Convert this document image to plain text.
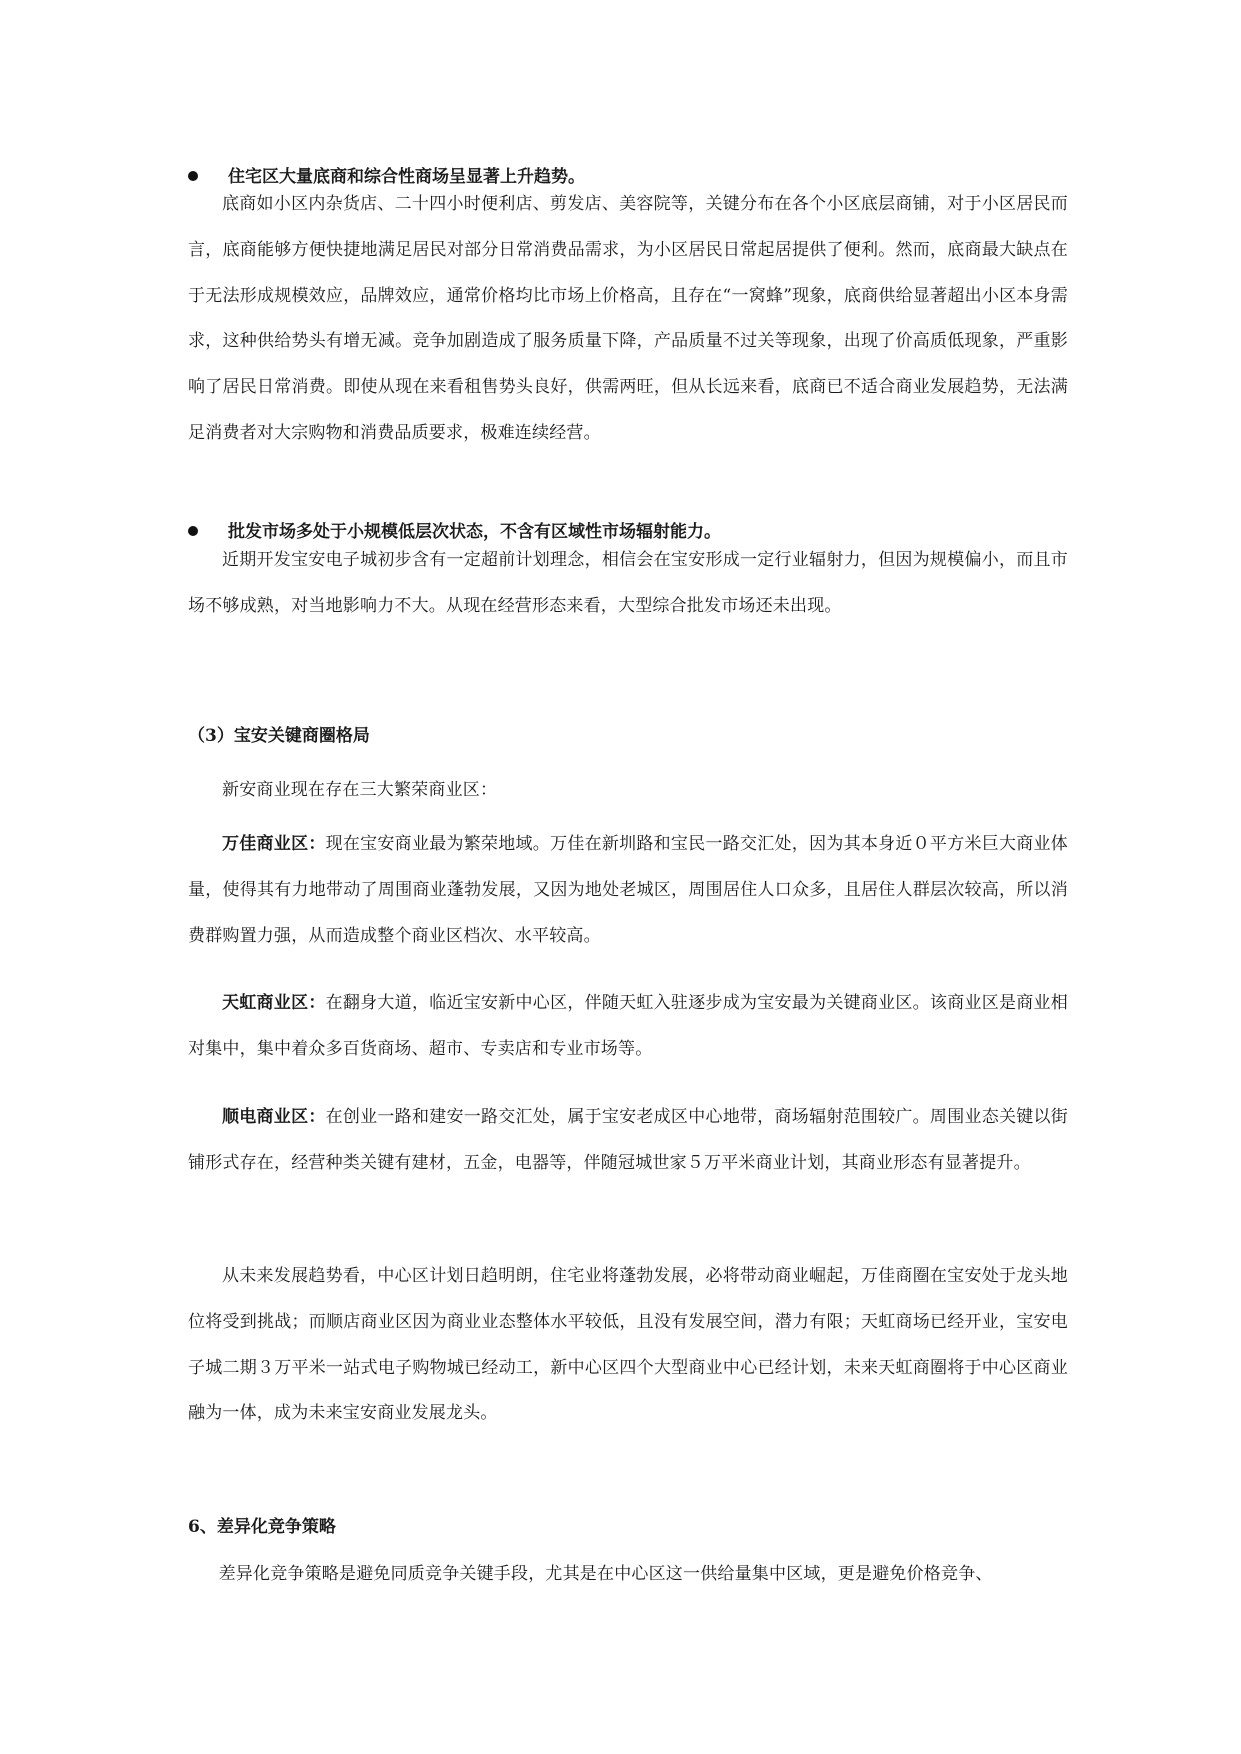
住宅区大量底商和综合性商场呈显著上升趋势。

底商如小区内杂货店、二十四小时便利店、剪发店、美容院等，关键分布在各个小区底层商铺，对于小区居民而言，底商能够方便快捷地满足居民对部分日常消费品需求，为小区居民日常起居提供了便利。然而，底商最大缺点在于无法形成规模效应，品牌效应，通常价格均比市场上价格高，且存在“一窝蜂”现象，底商供给显著超出小区本身需求，这种供给势头有增无减。竞争加剧造成了服务质量下降，产品质量不过关等现象，出现了价高质低现象，严重影响了居民日常消费。即使从现在来看租售势头良好，供需两旺，但从长远来看，底商已不适合商业发展趋势，无法满足消费者对大宗购物和消费品质要求，极难连续经营。

批发市场多处于小规模低层次状态，不含有区域性市场辐射能力。

近期开发宝安电子城初步含有一定超前计划理念，相信会在宝安形成一定行业辐射力，但因为规模偏小，而且市场不够成熟，对当地影响力不大。从现在经营形态来看，大型综合批发市场还未出现。

（3）宝安关键商圈格局

新安商业现在存在三大繁荣商业区：

万佳商业区：现在宝安商业最为繁荣地域。万佳在新圳路和宝民一路交汇处，因为其本身近０平方米巨大商业体量，使得其有力地带动了周围商业蓬勃发展，又因为地处老城区，周围居住人口众多，且居住人群层次较高，所以消费群购置力强，从而造成整个商业区档次、水平较高。

天虹商业区：在翻身大道，临近宝安新中心区，伴随天虹入驻逐步成为宝安最为关键商业区。该商业区是商业相对集中，集中着众多百货商场、超市、专卖店和专业市场等。

顺电商业区：在创业一路和建安一路交汇处，属于宝安老成区中心地带，商场辐射范围较广。周围业态关键以街铺形式存在，经营种类关键有建材，五金，电器等，伴随冠城世家５万平米商业计划，其商业形态有显著提升。

从未来发展趋势看，中心区计划日趋明朗，住宅业将蓬勃发展，必将带动商业崛起，万佳商圈在宝安处于龙头地位将受到挑战；而顺店商业区因为商业业态整体水平较低，且没有发展空间，潜力有限；天虹商场已经开业，宝安电子城二期３万平米一站式电子购物城已经动工，新中心区四个大型商业中心已经计划，未来天虹商圈将于中心区商业融为一体，成为未来宝安商业发展龙头。

6、差异化竞争策略

差异化竞争策略是避免同质竞争关键手段，尤其是在中心区这一供给量集中区域，更是避免价格竞争、
